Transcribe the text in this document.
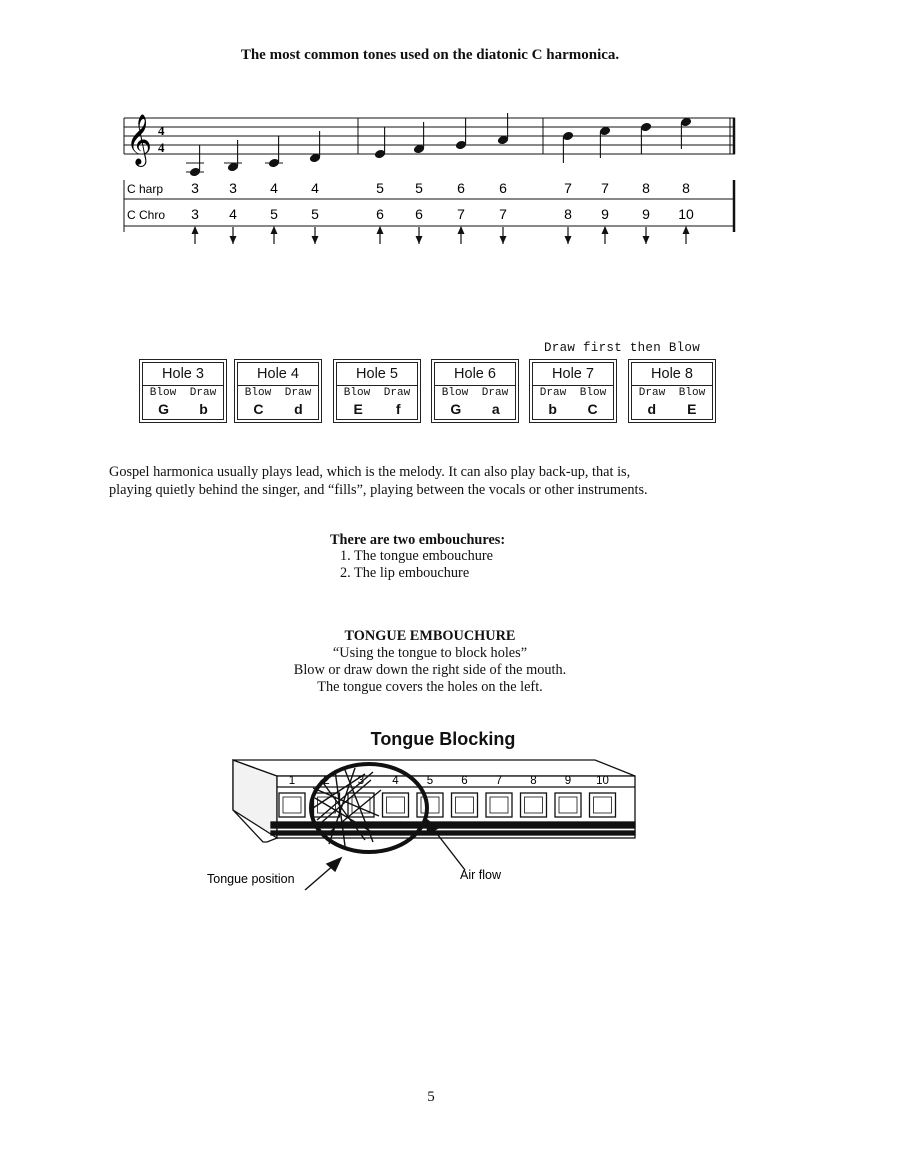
The most common tones used on the diatonic C harmonica.
𝄞 4
4
C harp 3 3 4 4	5 5 6 6	7 7 8 8
C Chro 3 4 5 5	6 6 7 7	8 9 9 10
Draw first then Blow
Hole 3
Blow Draw
G b
Hole 4
Blow Draw
C d
Hole 5
Blow Draw
E f
Hole 6
Blow Draw
G a
Hole 7
Draw Blow
b C
Hole 8
Draw Blow
d E
Gospel harmonica usually plays lead, which is the melody. It can also play back-up, that is,
playing quietly behind the singer, and “fills”, playing between the vocals or other instruments.
There are two embouchures:
1. The tongue embouchure
2. The lip embouchure
TONGUE EMBOUCHURE
“Using the tongue to block holes”
Blow or draw down the right side of the mouth.
The tongue covers the holes on the left.
Tongue Blocking
1 2 3 4 5 6 7 8 9 10
Tongue position	Air flow
5
